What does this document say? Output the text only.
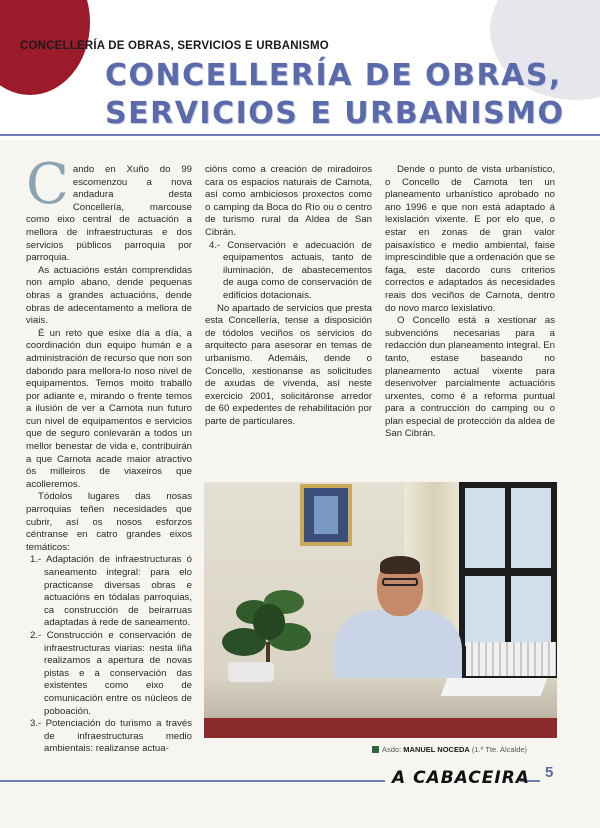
CONCELLERÍA DE OBRAS, SERVICIOS E URBANISMO
CONCELLERÍA DE OBRAS,
SERVICIOS E URBANISMO

Cando en Xuño do 99 escomenzou a nova andadura desta Concellería, marcouse como eixo central de actuación a mellora de infraestructuras e dos servicios públicos parroquia por parroquia.

As actuacións están comprendidas non amplo abano, dende pequenas obras a grandes actuacións, dende obras de adecentamento a mellora de viais.

É un reto que esixe día a día, a coordinación dun equipo humán e a administración de recurso que non son dabondo para mellora-lo noso nivel de equipamentos. Temos moito traballo por adiante e, mirando o frente temos a ilusión de ver a Carnota nun futuro cun nivel de equipamentos e servicios que de seguro conlevarán a todos un mellor benestar de vida e, contribuirán a que Carnota acade maior atractivo ós milleiros de viaxeiros que acolleremos.

Tódolos lugares das nosas parroquias teñen necesidades que cubrir, así os nosos esforzos céntranse en catro grandes eixos temáticos:

1.- Adaptación de infraestructuras ó saneamento integral: para elo practicanse diversas obras e actuacións en tódalas parroquias, ca construcción de beirarruas adaptadas á rede de saneamento.
2.- Construcción e conservación de infraestructuras viarias: nesta liña realizamos a apertura de novas pistas e a conservación das existentes como eixo de comunicación entre os núcleos de poboación.
3.- Potenciación do turismo a través de infraestructuras medio ambientais: realizanse actua-

cións como a creación de miradoiros cara os espacios naturais de Carnota, así como ambiciosos proxectos como o camping da Boca do Río ou o centro de turismo rural da Aldea de San Cibrán.

4.- Conservación e adecuación de equipamentos actuais, tanto de iluminación, de abastecementos de auga como de conservación de edificios dotacionais.

No apartado de servicios que presta esta Concellería, tense a disposición de tódolos veciños os servicios do arquitecto para asesorar en temas de urbanismo. Ademáis, dende o Concello, xestionanse as solicitudes de axudas de vivenda, así neste exercicio 2001, solicitáronse arredor de 60 expedentes de rehabilitación por parte de particulares.

Dende o punto de vista urbanístico, o Concello de Carnota ten un planeamento urbanístico aprobado no ano 1996 e que non está adaptado á lexislación vixente. E por elo que, o estar en zonas de gran valor paisaxístico e medio ambiental, faise imprescindible que a ordenación que se faga, este dacordo cuns criterios correctos e adaptados ás necesidades reais dos veciños de Carnota, dentro do novo marco lexislativo.

O Concello está a xestionar as subvencións necesarias para a redacción dun planeamento integral. En tanto, estase baseando no planeamento actual vixente para desenvolver parcialmente actuacións urxentes, como é a reforma puntual para a contrucción do camping ou o plan especial de protección da aldea de San Cibrán.

Asdo: MANUEL NOCEDA (1.º Tte. Alcalde)
A CABACEIRA 5
